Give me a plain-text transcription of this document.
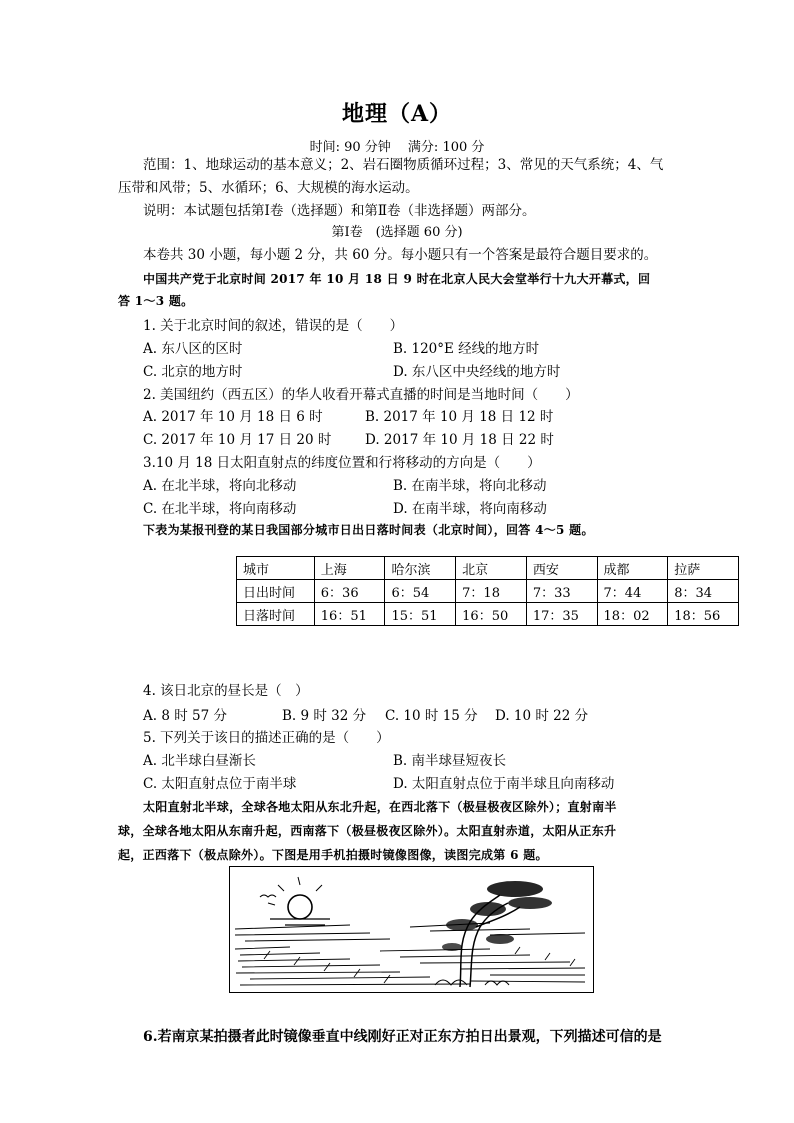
地理（A）
时间: 90 分钟　 满分: 100 分
范围：1、地球运动的基本意义；2、岩石圈物质循环过程；3、常见的天气系统；4、气
压带和风带；5、水循环；6、大规模的海水运动。
说明：本试题包括第Ⅰ卷（选择题）和第Ⅱ卷（非选择题）两部分。
第Ⅰ卷　(选择题 60 分)
本卷共 30 小题，每小题 2 分，共 60 分。每小题只有一个答案是最符合题目要求的。
中国共产党于北京时间 2017 年 10 月 18 日 9 时在北京人民大会堂举行十九大开幕式，回
答 1～3 题。
1. 关于北京时间的叙述，错误的是（　　）
A. 东八区的区时	B. 120°E 经线的地方时
C. 北京的地方时	D. 东八区中央经线的地方时
2. 美国纽约（西五区）的华人收看开幕式直播的时间是当地时间（　　）
A. 2017 年 10 月 18 日 6 时	B. 2017 年 10 月 18 日 12 时
C. 2017 年 10 月 17 日 20 时 D. 2017 年 10 月 18 日 22 时
3.10 月 18 日太阳直射点的纬度位置和行将移动的方向是（　　）
A. 在北半球，将向北移动	B. 在南半球，将向北移动
C. 在北半球，将向南移动	D. 在南半球，将向南移动
下表为某报刊登的某日我国部分城市日出日落时间表（北京时间），回答 4～5 题。
城市	上海	哈尔滨	北京	西安	成都	拉萨
日出时间	6：36	6：54	7：18	7：33	7：44	8：34
日落时间	16：51	15：51	16：50	17：35	18：02	18：56
4. 该日北京的昼长是（　）
A. 8 时 57 分	B. 9 时 32 分 C. 10 时 15 分 D. 10 时 22 分
5. 下列关于该日的描述正确的是（　　）
A. 北半球白昼渐长	B. 南半球昼短夜长
C. 太阳直射点位于南半球	D. 太阳直射点位于南半球且向南移动
太阳直射北半球，全球各地太阳从东北升起，在西北落下（极昼极夜区除外）；直射南半
球，全球各地太阳从东南升起，西南落下（极昼极夜区除外）。太阳直射赤道，太阳从正东升
起，正西落下（极点除外）。下图是用手机拍摄时镜像图像，读图完成第 6 题。
6.若南京某拍摄者此时镜像垂直中线刚好正对正东方拍日出景观，下列描述可信的是
